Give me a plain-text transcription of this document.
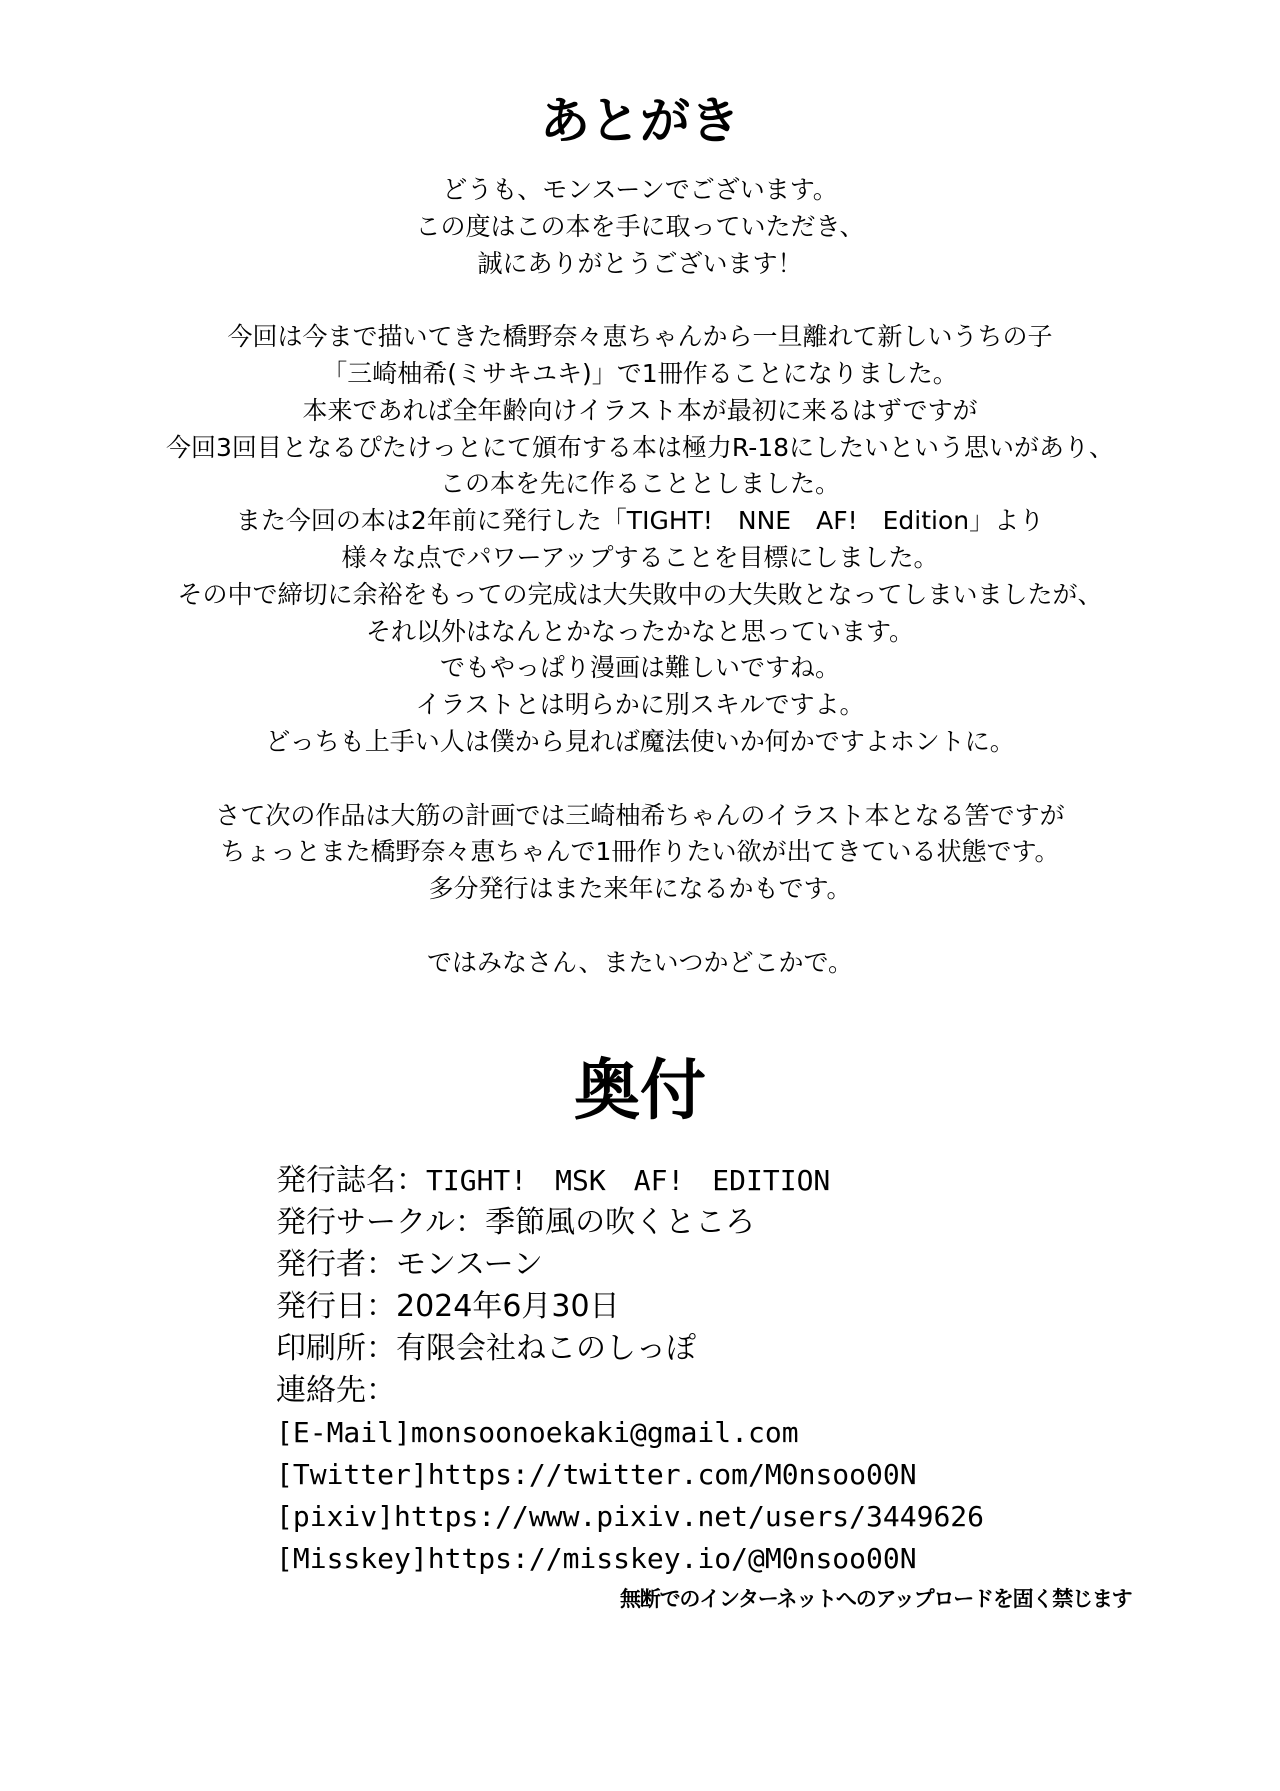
あとがき

どうも、モンスーンでございます。
この度はこの本を手に取っていただき、
誠にありがとうございます！

今回は今まで描いてきた橋野奈々恵ちゃんから一旦離れて新しいうちの子
「三崎柚希(ミサキユキ)」で1冊作ることになりました。
本来であれば全年齢向けイラスト本が最初に来るはずですが
今回3回目となるぴたけっとにて頒布する本は極力R-18にしたいという思いがあり、
この本を先に作ることとしました。
また今回の本は2年前に発行した「TIGHT!　NNE　AF!　Edition」より
様々な点でパワーアップすることを目標にしました。
その中で締切に余裕をもっての完成は大失敗中の大失敗となってしまいましたが、
それ以外はなんとかなったかなと思っています。
でもやっぱり漫画は難しいですね。
イラストとは明らかに別スキルですよ。
どっちも上手い人は僕から見れば魔法使いか何かですよホントに。

さて次の作品は大筋の計画では三崎柚希ちゃんのイラスト本となる筈ですが
ちょっとまた橋野奈々恵ちゃんで1冊作りたい欲が出てきている状態です。
多分発行はまた来年になるかもです。

ではみなさん、またいつかどこかで。

奥付
発行誌名：TIGHT!　MSK　AF!　EDITION
発行サークル：季節風の吹くところ
発行者：モンスーン
発行日：2024年6月30日
印刷所：有限会社ねこのしっぽ
連絡先：
[E-Mail]monsoonoekaki@gmail.com
[Twitter]https://twitter.com/M0nsoo00N
[pixiv]https://www.pixiv.net/users/3449626
[Misskey]https://misskey.io/@M0nsoo00N
無断でのインターネットへのアップロードを固く禁じます
